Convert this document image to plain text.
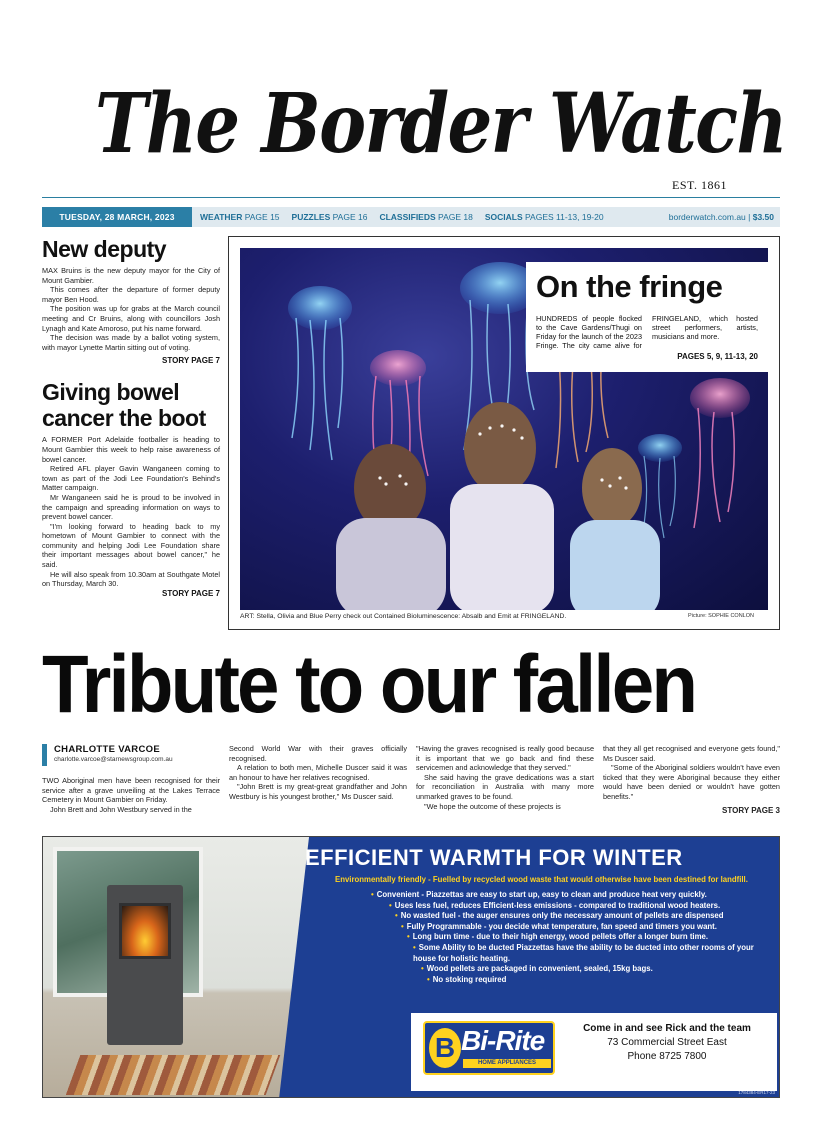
The Border Watch
EST. 1861
TUESDAY, 28 MARCH, 2023	WEATHER PAGE 15 PUZZLES PAGE 16 CLASSIFIEDS PAGE 18 SOCIALS PAGES 11-13, 19-20	borderwatch.com.au | $3.50
New deputy

MAX Bruins is the new deputy mayor for the City of Mount Gambier.

This comes after the departure of former deputy mayor Ben Hood.

The position was up for grabs at the March council meeting and Cr Bruins, along with councillors Josh Lynagh and Kate Amoroso, put his name forward.

The decision was made by a ballot voting system, with mayor Lynette Martin sitting out of voting.

STORY PAGE 7
Giving bowel cancer the boot

A FORMER Port Adelaide footballer is heading to Mount Gambier this week to help raise awareness of bowel cancer.

Retired AFL player Gavin Wanganeen coming to town as part of the Jodi Lee Foundation's Behind's Matter campaign.

Mr Wanganeen said he is proud to be involved in the campaign and spreading information on ways to prevent bowel cancer.

"I'm looking forward to heading back to my hometown of Mount Gambier to connect with the community and helping Jodi Lee Foundation share their important messages about bowel cancer," he said.

He will also speak from 10.30am at Southgate Motel on Thursday, March 30.

STORY PAGE 7
On the fringe
HUNDREDS of people flocked to the Cave Gardens/Thugi on Friday for the launch of the 2023 Fringe. The city came alive for FRINGELAND, which hosted street performers, artists, musicians and more.
PAGES 5, 9, 11-13, 20
ART: Stella, Olivia and Blue Perry check out Contained Bioluminescence: Absalb and Emit at FRINGELAND.	Picture: SOPHIE CONLON
Tribute to our fallen
CHARLOTTE VARCOE
charlotte.varcoe@starnewsgroup.com.au

TWO Aboriginal men have been recognised for their service after a grave unveiling at the Lakes Terrace Cemetery in Mount Gambier on Friday.

John Brett and John Westbury served in the

Second World War with their graves officially recognised.

A relation to both men, Michelle Duscer said it was an honour to have her relatives recognised.

"John Brett is my great-great grandfather and John Westbury is his youngest brother," Ms Duscer said.

"Having the graves recognised is really good because it is important that we go back and find these servicemen and acknowledge that they served."

She said having the grave dedications was a start for reconciliation in Australia with many more unmarked graves to be found.

"We hope the outcome of these projects is

that they all get recognised and everyone gets found," Ms Duscer said.

"Some of the Aboriginal soldiers wouldn't have even ticked that they were Aboriginal because they either would have been denied or wouldn't have gotten benefits."

STORY PAGE 3
EFFICIENT WARMTH FOR WINTER
Environmentally friendly - Fuelled by recycled wood waste that would otherwise have been destined for landfill.
• Convenient - Piazzettas are easy to start up, easy to clean and produce heat very quickly.
• Uses less fuel, reduces Efficient-less emissions - compared to traditional wood heaters.
• No wasted fuel - the auger ensures only the necessary amount of pellets are dispensed
• Fully Programmable - you decide what temperature, fan speed and timers you want.
• Long burn time - due to their high energy, wood pellets offer a longer burn time.
• Some Ability to be ducted Piazzettas have the ability to be ducted into other rooms of your house for holistic heating.
• Wood pellets are packaged in convenient, sealed, 15kg bags.
• No stoking required
B Bi-Rite
HOME APPLIANCES
Come in and see Rick and the team
73 Commercial Street East
Phone 8725 7800
1784384-ER17-23
